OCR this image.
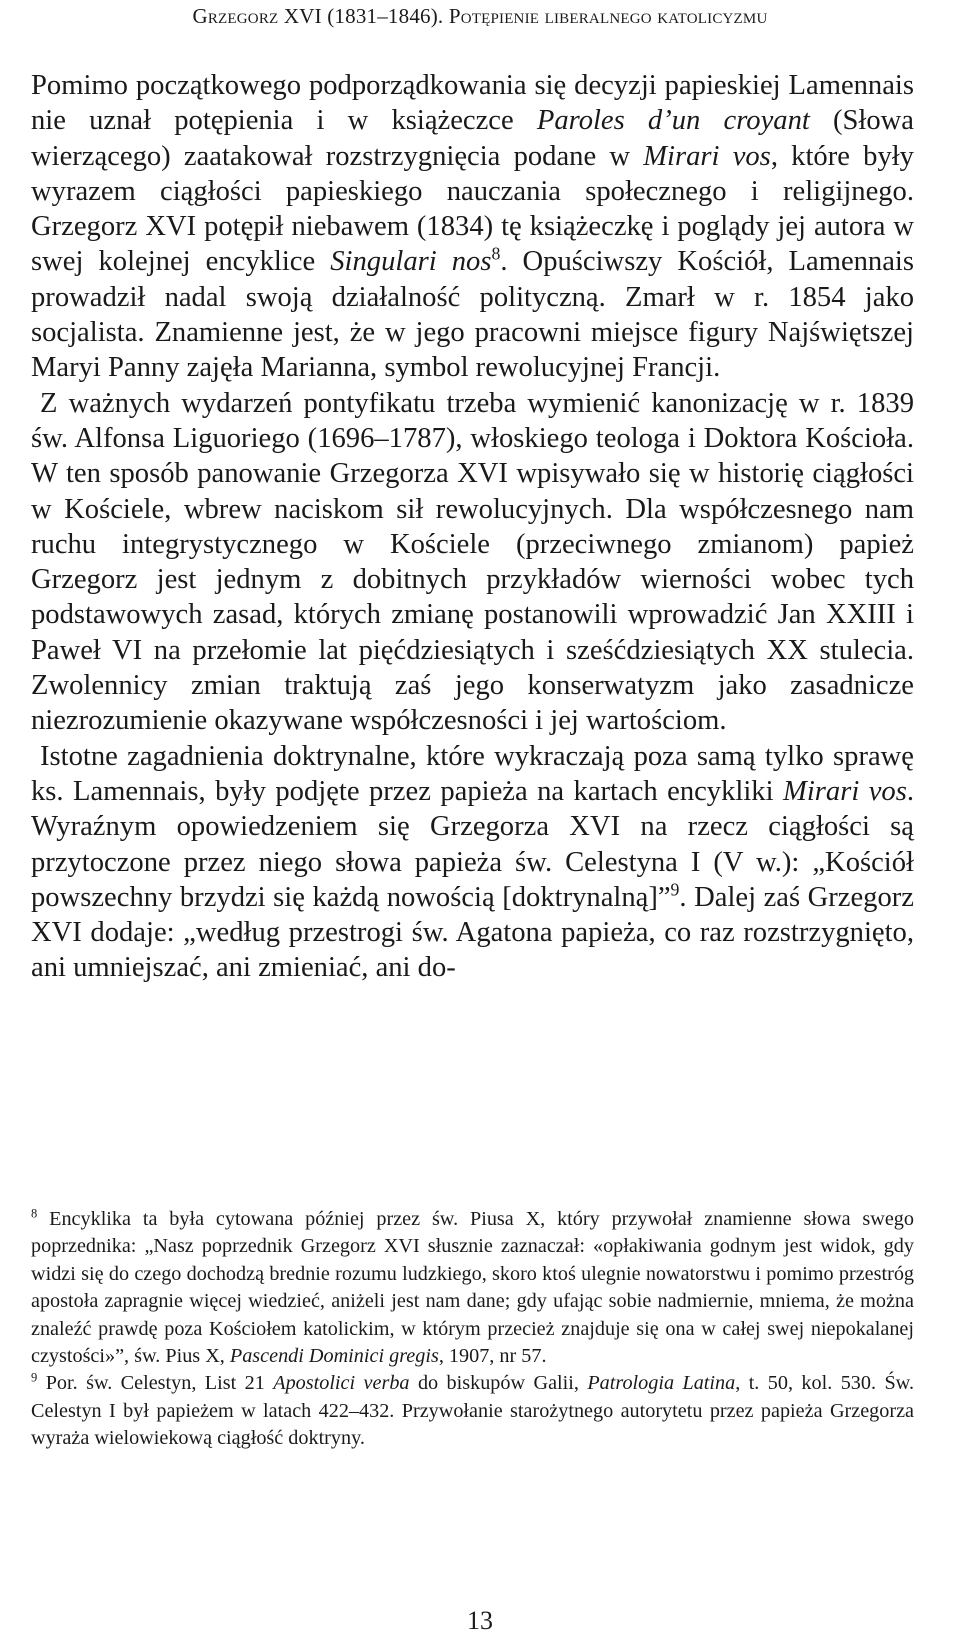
Grzegorz XVI (1831–1846). Potępienie liberalnego katolicyzmu

Pomimo początkowego podporządkowania się decyzji papieskiej Lamennais nie uznał potępienia i w książeczce Paroles d’un croyant (Słowa wierzącego) zaatakował rozstrzygnięcia podane w Mirari vos, które były wyrazem ciągłości papieskiego nauczania społecznego i religijnego. Grzegorz XVI potępił niebawem (1834) tę książeczkę i poglądy jej autora w swej kolejnej encyklice Singulari nos$^8$. Opuściwszy Kościół, Lamennais prowadził nadal swoją działalność polityczną. Zmarł w r. 1854 jako socjalista. Znamienne jest, że w jego pracowni miejsce figury Najświętszej Maryi Panny zajęła Marianna, symbol rewolucyjnej Francji.

Z ważnych wydarzeń pontyfikatu trzeba wymienić kanonizację w r. 1839 św. Alfonsa Liguoriego (1696–1787), włoskiego teologa i Doktora Kościoła. W ten sposób panowanie Grzegorza XVI wpisywało się w historię ciągłości w Kościele, wbrew naciskom sił rewolucyjnych. Dla współczesnego nam ruchu integrystycznego w Kościele (przeciwnego zmianom) papież Grzegorz jest jednym z dobitnych przykładów wierności wobec tych podstawowych zasad, których zmianę postanowili wprowadzić Jan XXIII i Paweł VI na przełomie lat pięćdziesiątych i sześćdziesiątych XX stulecia. Zwolennicy zmian traktują zaś jego konserwatyzm jako zasadnicze niezrozumienie okazywane współczesności i jej wartościom.

Istotne zagadnienia doktrynalne, które wykraczają poza samą tylko sprawę ks. Lamennais, były podjęte przez papieża na kartach encykliki Mirari vos. Wyraźnym opowiedzeniem się Grzegorza XVI na rzecz ciągłości są przytoczone przez niego słowa papieża św. Celestyna I (V w.): „Kościół powszechny brzydzi się każdą nowością [doktrynalną]”$^9$. Dalej zaś Grzegorz XVI dodaje: „według przestrogi św. Agatona papieża, co raz rozstrzygnięto, ani umniejszać, ani zmieniać, ani do-

$^8$ Encyklika ta była cytowana później przez św. Piusa X, który przywołał znamienne słowa swego poprzednika: „Nasz poprzednik Grzegorz XVI słusznie zaznaczał: «opłakiwania godnym jest widok, gdy widzi się do czego dochodzą brednie rozumu ludzkiego, skoro ktoś ulegnie nowatorstwu i pomimo przestróg apostoła zapragnie więcej wiedzieć, aniżeli jest nam dane; gdy ufając sobie nadmiernie, mniema, że można znaleźć prawdę poza Kościołem katolickim, w którym przecież znajduje się ona w całej swej niepokalanej czystości»”, św. Pius X, Pascendi Dominici gregis, 1907, nr 57.

$^9$ Por. św. Celestyn, List 21 Apostolici verba do biskupów Galii, Patrologia Latina, t. 50, kol. 530. Św. Celestyn I był papieżem w latach 422–432. Przywołanie starożytnego autorytetu przez papieża Grzegorza wyraża wielowiekową ciągłość doktryny.

13
